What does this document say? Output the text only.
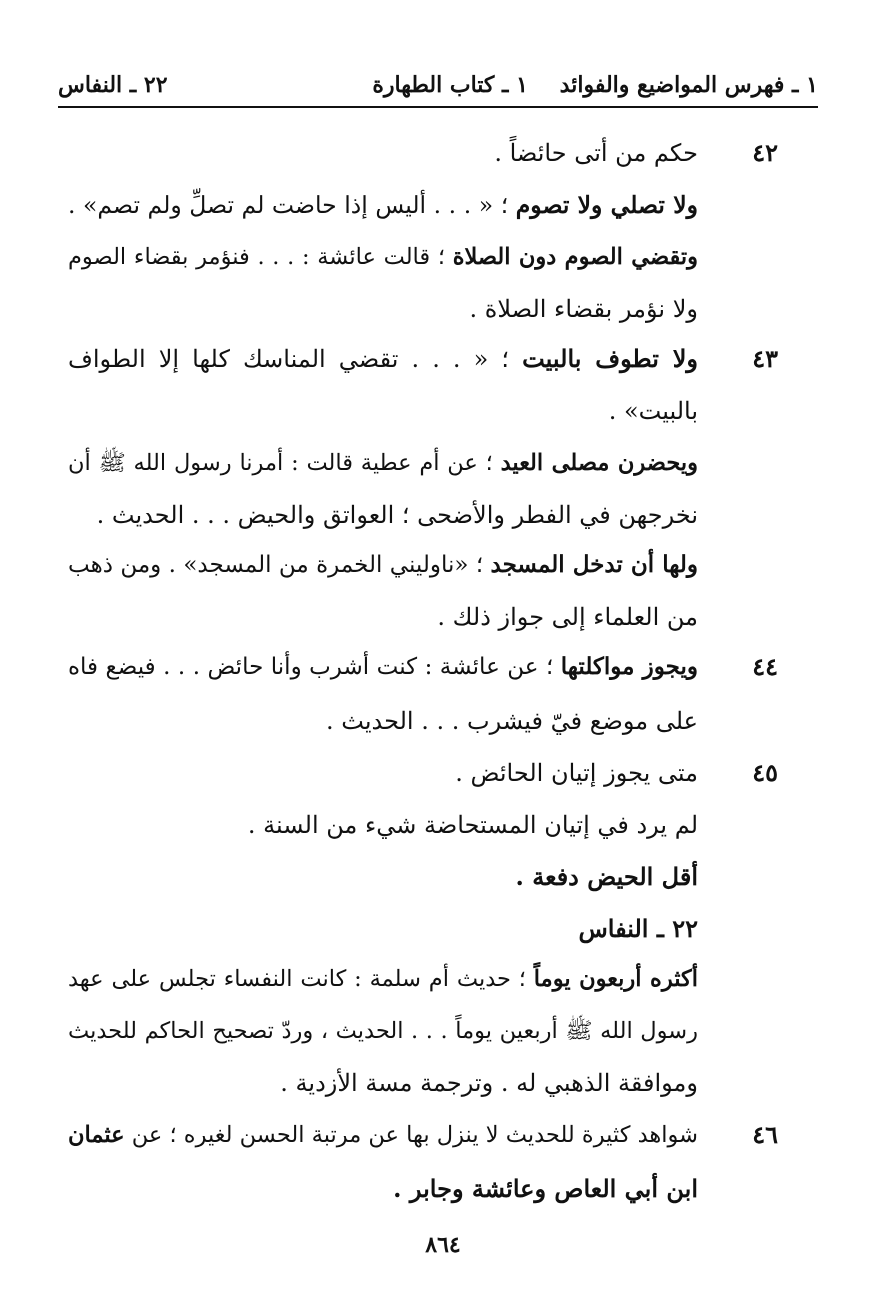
١ ـ فهرس المواضيع والفوائد
١ ـ كتاب الطهارة
٢٢ ـ النفاس
٤٢
٤٣
٤٤
٤٥
٤٦
حكم من أتى حائضاً .
ولا تصلي ولا تصوم ؛ « . . . أليس إذا حاضت لم تصلِّ ولم تصم» .
وتقضي الصوم دون الصلاة ؛ قالت عائشة : . . . فنؤمر بقضاء الصوم
ولا نؤمر بقضاء الصلاة .
ولا تطوف بالبيت ؛ « . . . تقضي المناسك كلها إلا الطواف
بالبيت» .
ويحضرن مصلى العيد ؛ عن أم عطية قالت : أمرنا رسول الله ﷺ أن
نخرجهن في الفطر والأضحى ؛ العواتق والحيض . . . الحديث .
ولها أن تدخل المسجد ؛ «ناوليني الخمرة من المسجد» . ومن ذهب
من العلماء إلى جواز ذلك .
ويجوز مواكلتها ؛ عن عائشة : كنت أشرب وأنا حائض . . . فيضع فاه
على موضع فيّ فيشرب . . . الحديث .
متى يجوز إتيان الحائض .
لم يرد في إتيان المستحاضة شيء من السنة .
أقل الحيض دفعة .
٢٢ ـ النفاس
أكثره أربعون يوماً ؛ حديث أم سلمة : كانت النفساء تجلس على عهد
رسول الله ﷺ أربعين يوماً . . . الحديث ، وردّ تصحيح الحاكم للحديث
وموافقة الذهبي له . وترجمة مسة الأزدية .
شواهد كثيرة للحديث لا ينزل بها عن مرتبة الحسن لغيره ؛ عن عثمان
ابن أبي العاص وعائشة وجابر .
٨٦٤
